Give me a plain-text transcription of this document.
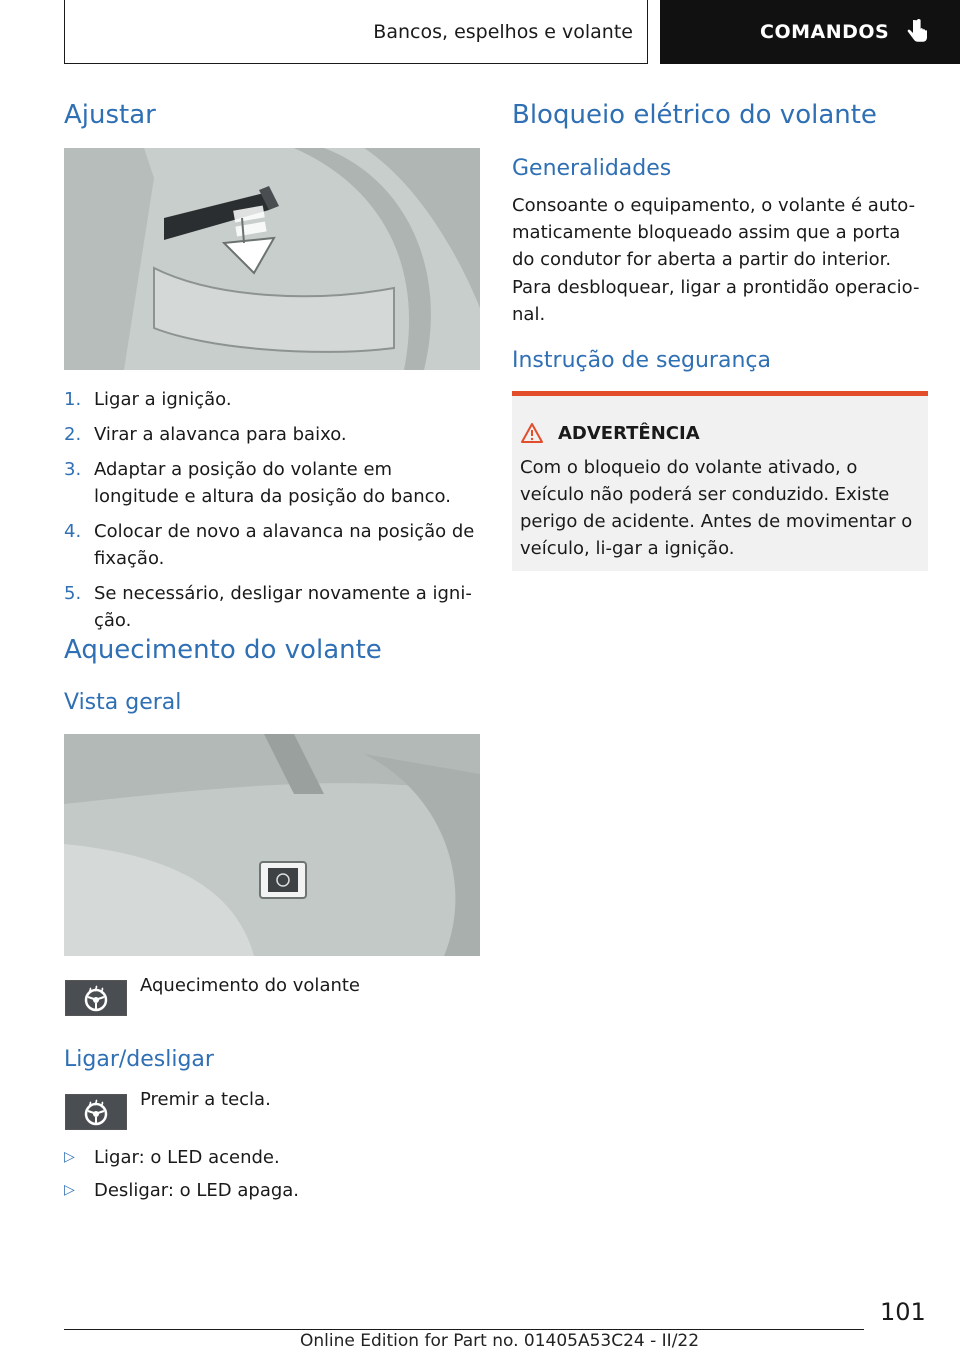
Bancos, espelhos e volante	COMANDOS
Ajustar
1. Ligar a ignição.
2. Virar a alavanca para baixo.
3. Adaptar a posição do volante em longitude e altura da posição do banco.
4. Colocar de novo a alavanca na posição de fixação.
5. Se necessário, desligar novamente a igni-ção.
Aquecimento do volante
Vista geral

Aquecimento do volante

Ligar/desligar

Premir a tecla.

▷ Ligar: o LED acende.
▷ Desligar: o LED apaga.
Bloqueio elétrico do volante
Generalidades

Consoante o equipamento, o volante é auto-maticamente bloqueado assim que a porta do condutor for aberta a partir do interior.

Para desbloquear, ligar a prontidão operacio-nal.

Instrução de segurança
ADVERTÊNCIA

Com o bloqueio do volante ativado, o veículo não poderá ser conduzido. Existe perigo de acidente. Antes de movimentar o veículo, li-gar a ignição.

101
Online Edition for Part no. 01405A53C24 - II/22
